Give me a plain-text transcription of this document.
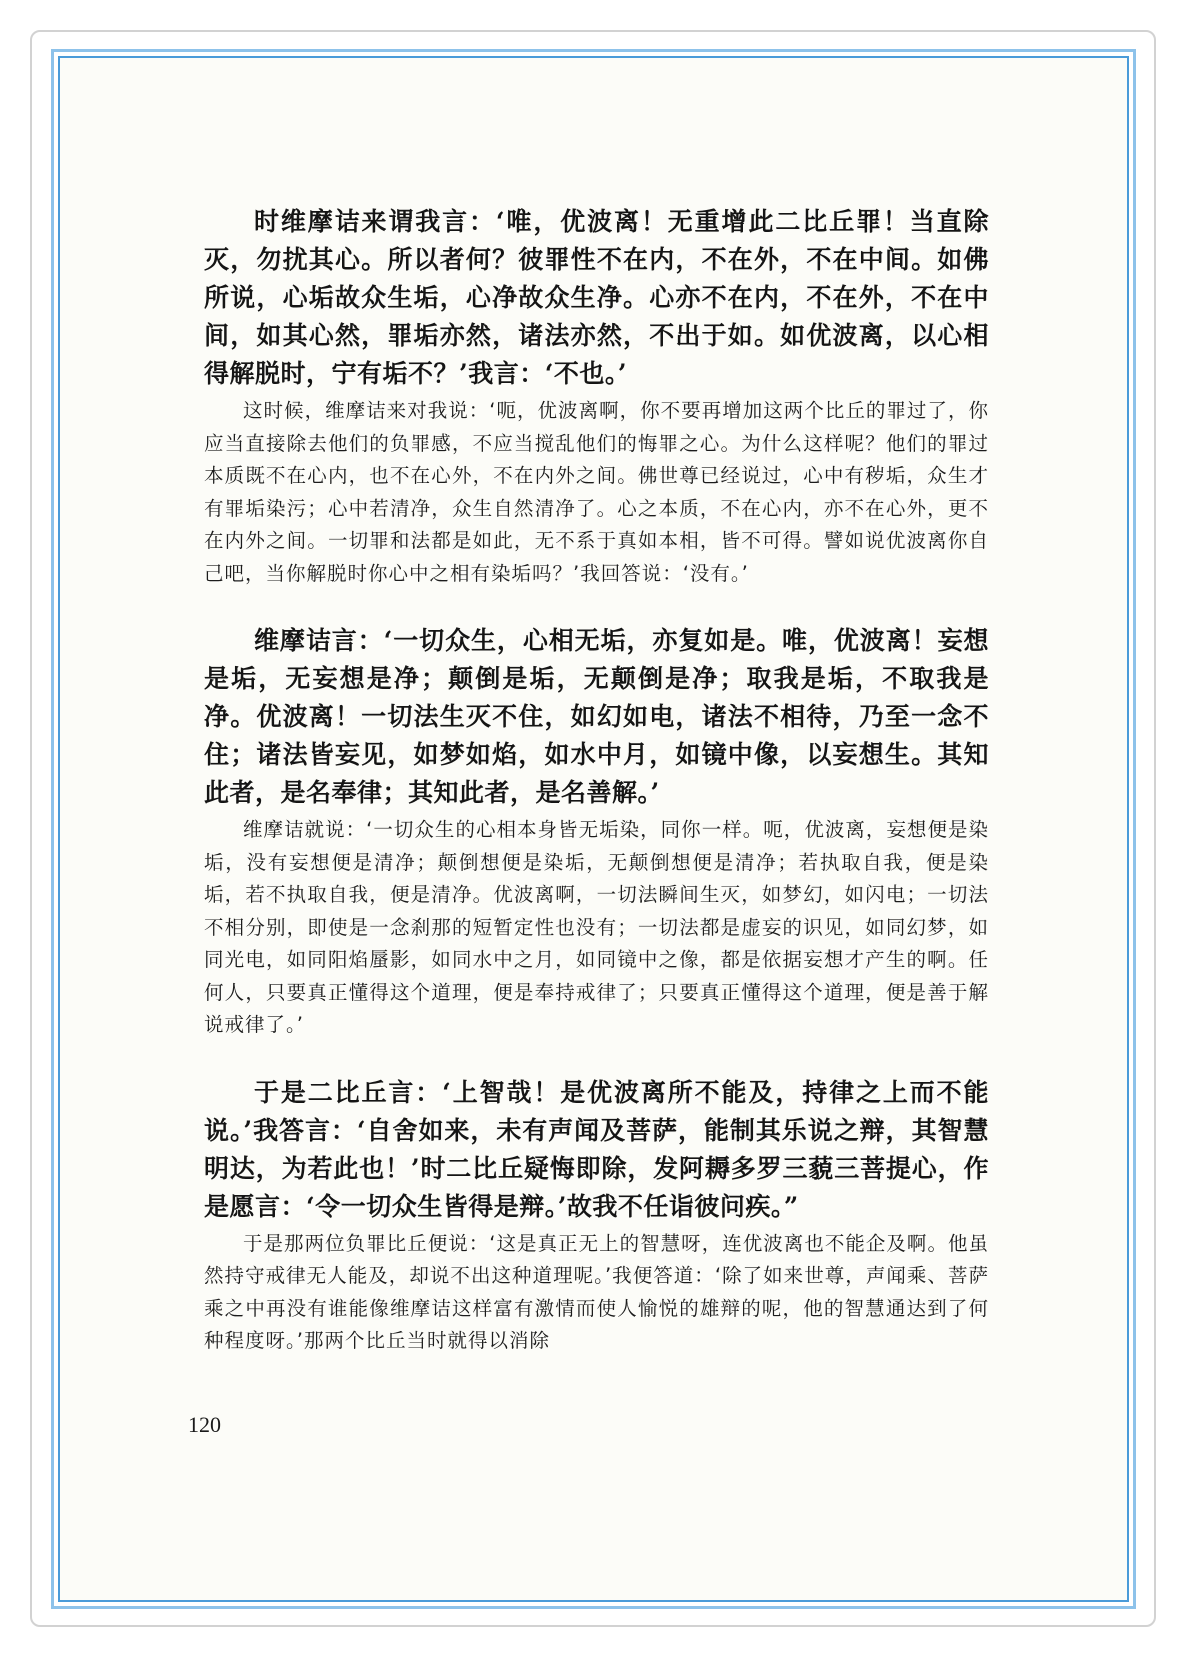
时维摩诘来谓我言：‘唯，优波离！无重增此二比丘罪！当直除灭，勿扰其心。所以者何？彼罪性不在内，不在外，不在中间。如佛所说，心垢故众生垢，心净故众生净。心亦不在内，不在外，不在中间，如其心然，罪垢亦然，诸法亦然，不出于如。如优波离，以心相得解脱时，宁有垢不？’我言：‘不也。’

这时候，维摩诘来对我说：‘呃，优波离啊，你不要再增加这两个比丘的罪过了，你应当直接除去他们的负罪感，不应当搅乱他们的悔罪之心。为什么这样呢？他们的罪过本质既不在心内，也不在心外，不在内外之间。佛世尊已经说过，心中有秽垢，众生才有罪垢染污；心中若清净，众生自然清净了。心之本质，不在心内，亦不在心外，更不在内外之间。一切罪和法都是如此，无不系于真如本相，皆不可得。譬如说优波离你自己吧，当你解脱时你心中之相有染垢吗？’我回答说：‘没有。’

维摩诘言：‘一切众生，心相无垢，亦复如是。唯，优波离！妄想是垢，无妄想是净；颠倒是垢，无颠倒是净；取我是垢，不取我是净。优波离！一切法生灭不住，如幻如电，诸法不相待，乃至一念不住；诸法皆妄见，如梦如焰，如水中月，如镜中像，以妄想生。其知此者，是名奉律；其知此者，是名善解。’

维摩诘就说：‘一切众生的心相本身皆无垢染，同你一样。呃，优波离，妄想便是染垢，没有妄想便是清净；颠倒想便是染垢，无颠倒想便是清净；若执取自我，便是染垢，若不执取自我，便是清净。优波离啊，一切法瞬间生灭，如梦幻，如闪电；一切法不相分别，即使是一念刹那的短暂定性也没有；一切法都是虚妄的识见，如同幻梦，如同光电，如同阳焰蜃影，如同水中之月，如同镜中之像，都是依据妄想才产生的啊。任何人，只要真正懂得这个道理，便是奉持戒律了；只要真正懂得这个道理，便是善于解说戒律了。’

于是二比丘言：‘上智哉！是优波离所不能及，持律之上而不能说。’我答言：‘自舍如来，未有声闻及菩萨，能制其乐说之辩，其智慧明达，为若此也！’时二比丘疑悔即除，发阿耨多罗三藐三菩提心，作是愿言：‘令一切众生皆得是辩。’故我不任诣彼问疾。”

于是那两位负罪比丘便说：‘这是真正无上的智慧呀，连优波离也不能企及啊。他虽然持守戒律无人能及，却说不出这种道理呢。’我便答道：‘除了如来世尊，声闻乘、菩萨乘之中再没有谁能像维摩诘这样富有激情而使人愉悦的雄辩的呢，他的智慧通达到了何种程度呀。’那两个比丘当时就得以消除

120
